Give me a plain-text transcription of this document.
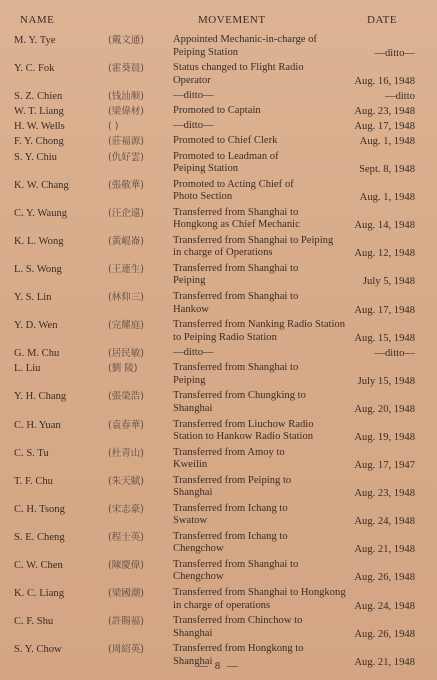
NAME	MOVEMENT	DATE
M. Y. Tye	(戴文通)	Appointed Mechanic-in-charge of
Peiping Station	—ditto—
Y. C. Fok	(霍葵晨)	Status changed to Flight Radio
Operator	Aug. 16, 1948
S. Z. Chien	(钱汕顺)	—ditto—	—ditto
W. T. Liang	(梁偉材)	Promoted to Captain	Aug. 23, 1948
H. W. Wells	( )	—ditto—	Aug. 17, 1948
F. Y. Chong	(莊福源)	Promoted to Chief Clerk	Aug. 1, 1948
S. Y. Chiu	(仇好雲)	Promoted to Leadman of
Peiping Station	Sept. 8, 1948
K. W. Chang	(張敬華)	Promoted to Acting Chief of
Photo Section	Aug. 1, 1948
C. Y. Waung	(汪企遠)	Transferred from Shanghai to
Hongkong as Chief Mechanic	Aug. 14, 1948
K. L. Wong	(黃崐崙)	Transferred from Shanghai to Peiping
in charge of Operations	Aug. 12, 1948
L. S. Wong	(王連生)	Transferred from Shanghai to
Peiping	July 5, 1948
Y. S. Lin	(林仰三)	Transferred from Shanghai to
Hankow	Aug. 17, 1948
Y. D. Wen	(完耀庭)	Transferred from Nanking Radio Station
to Peiping Radio Station	Aug. 15, 1948
G. M. Chu	(居民敏)	—ditto—	—ditto—
L. Liu	(劉 陵)	Transferred from Shanghai to
Peiping	July 15, 1948
Y. H. Chang	(張榮浩)	Transferred from Chungking to
Shanghai	Aug. 20, 1948
C. H. Yuan	(袁春華)	Transferred from Liuchow Radio
Station to Hankow Radio Station	Aug. 19, 1948
C. S. Tu	(杜青山)	Transferred from Amoy to
Kweilin	Aug. 17, 1947
T. F. Chu	(朱天賦)	Transferred from Peiping to
Shanghai	Aug. 23, 1948
C. H. Tsong	(宋志豪)	Transferred from Ichang to
Swatow	Aug. 24, 1948
S. E. Cheng	(程士英)	Transferred from Ichang to
Chengchow	Aug. 21, 1948
C. W. Chen	(陳慶偉)	Transferred from Shanghai to
Chengchow	Aug. 26, 1948
K. C. Liang	(梁國潮)	Transferred from Shanghai to Hongkong
in charge of operations	Aug. 24, 1948
C. F. Shu	(許賜福)	Transferred from Chinchow to
Shanghai	Aug. 26, 1948
S. Y. Chow	(周紹英)	Transferred from Hongkong to
Shanghai	Aug. 21, 1948
— 8 —
